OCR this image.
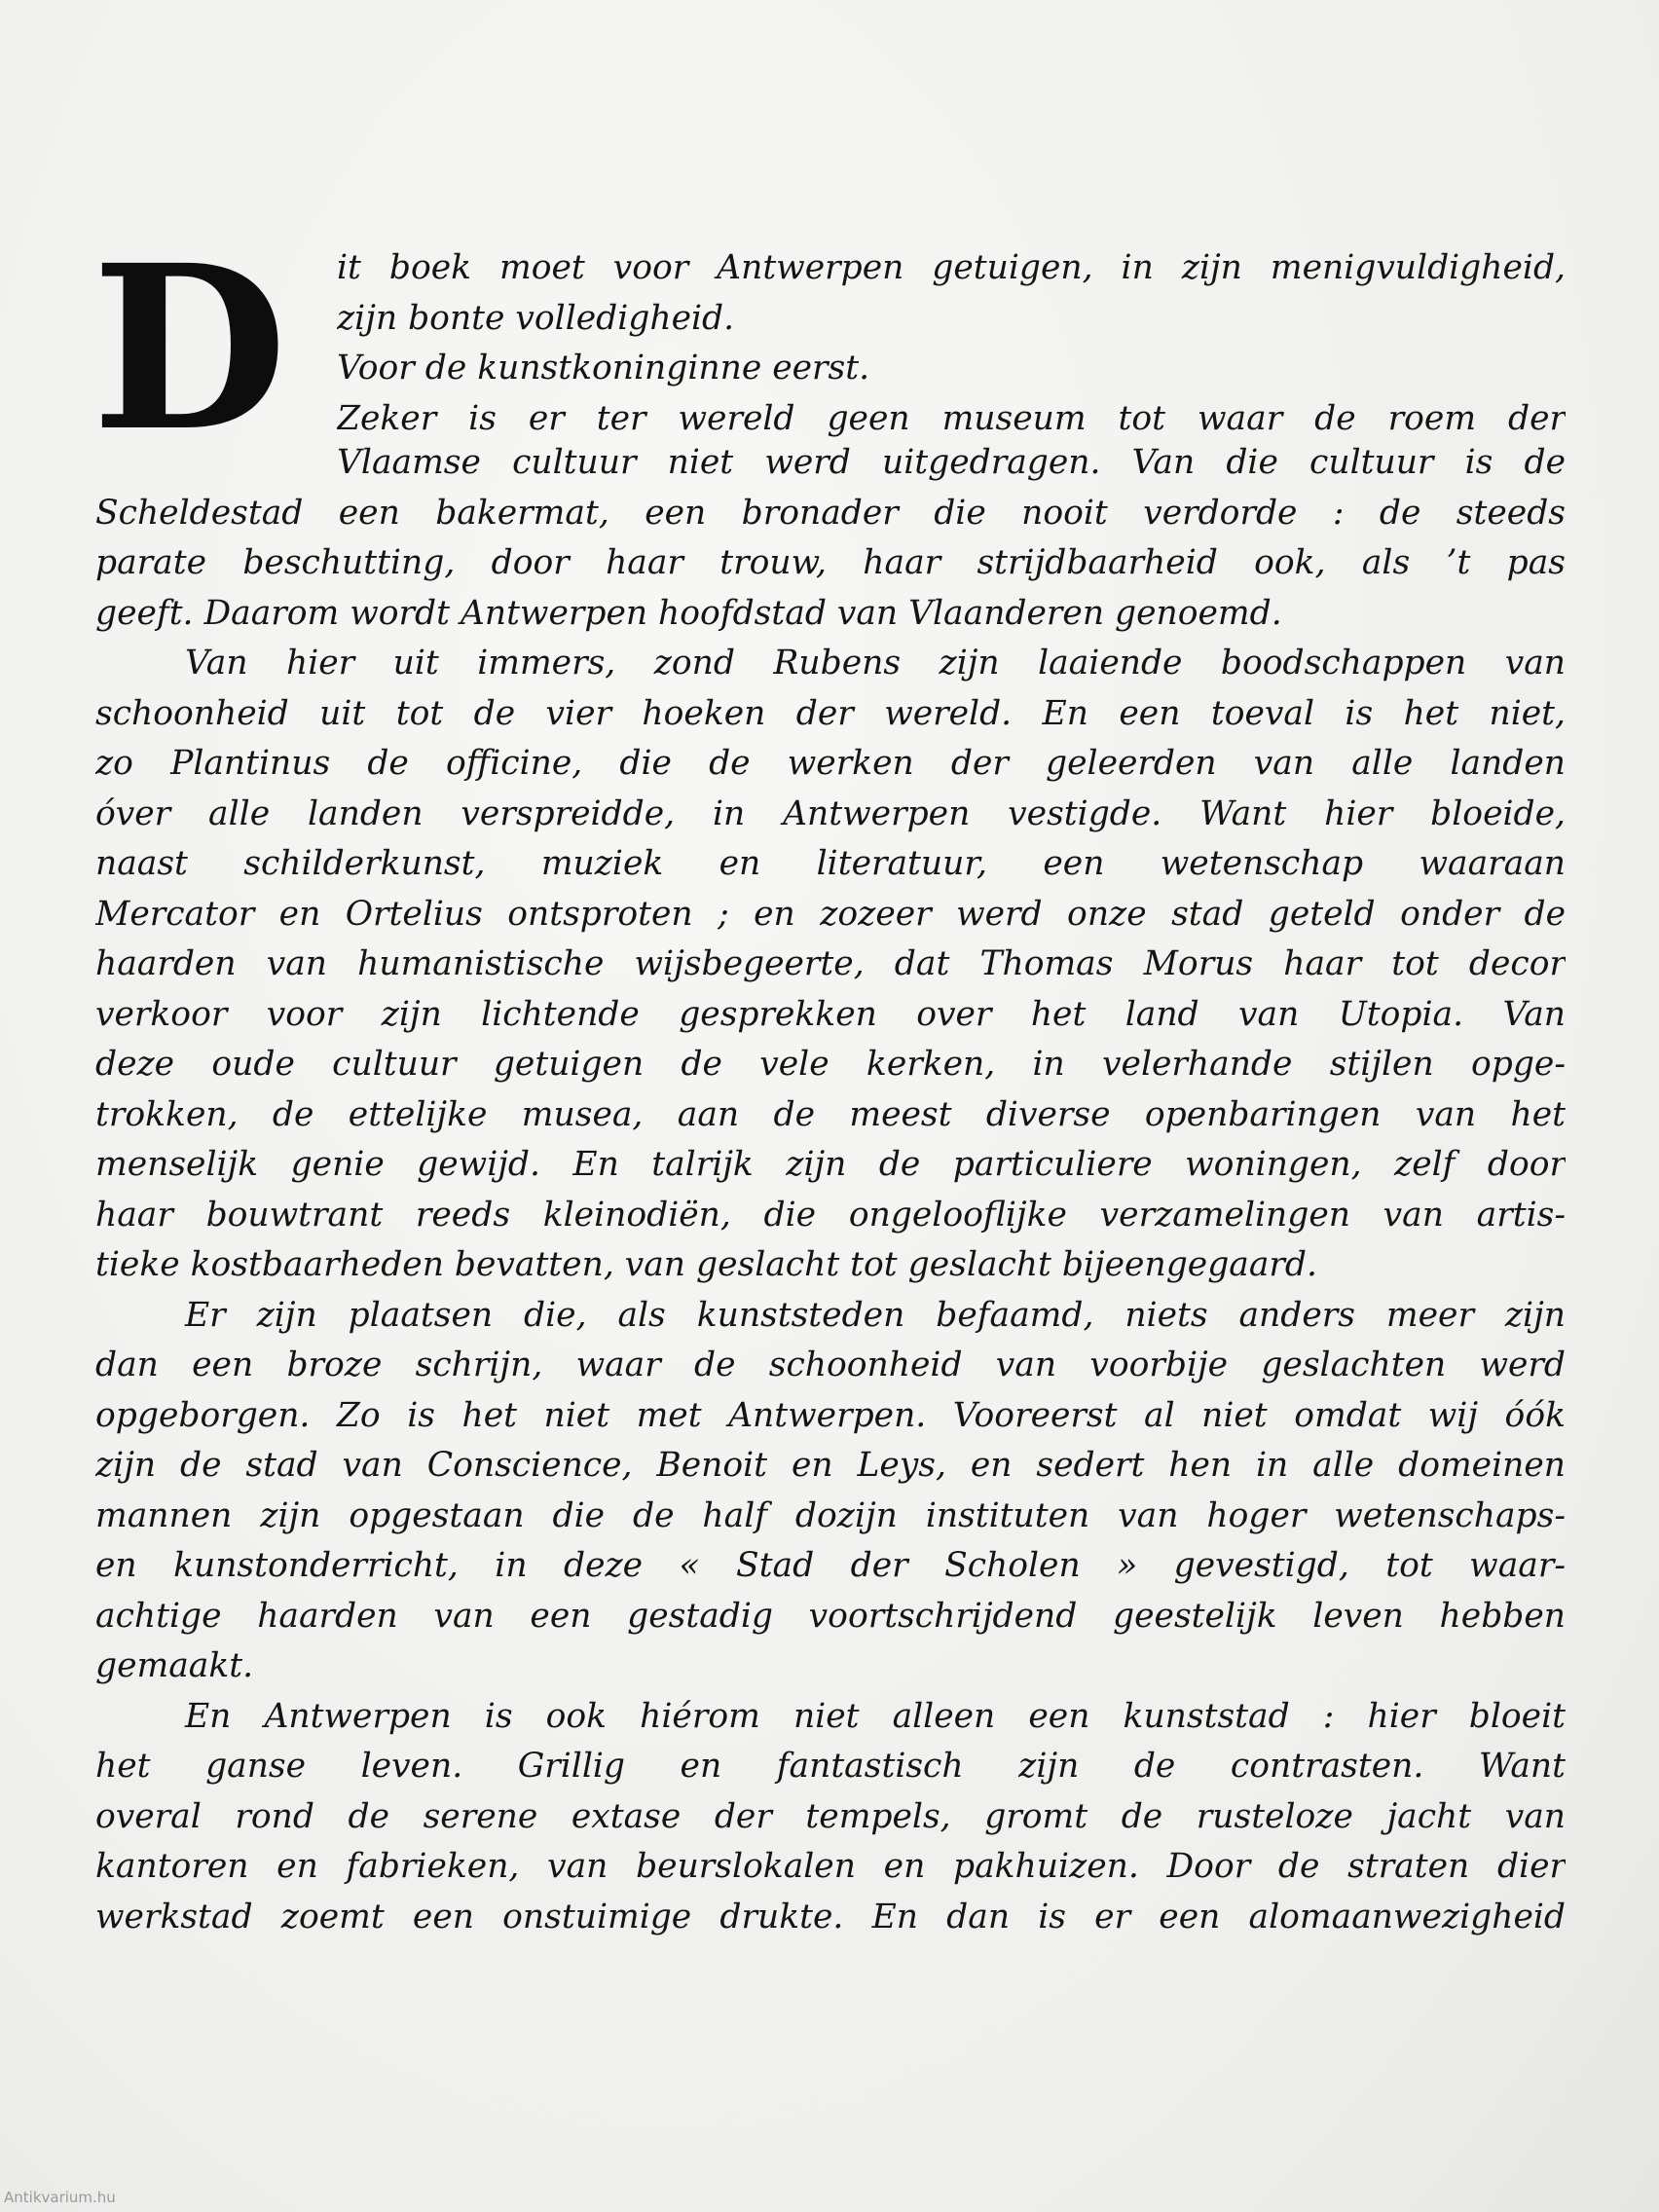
D it boek moet voor Antwerpen getuigen, in zijn menigvuldigheid,
zijn bonte volledigheid.
Voor de kunstkoninginne eerst.
Zeker is er ter wereld geen museum tot waar de roem der
Vlaamse cultuur niet werd uitgedragen. Van die cultuur is de
Scheldestad een bakermat, een bronader die nooit verdorde : de steeds
parate beschutting, door haar trouw, haar strijdbaarheid ook, als ’t pas
geeft. Daarom wordt Antwerpen hoofdstad van Vlaanderen genoemd.
Van hier uit immers, zond Rubens zijn laaiende boodschappen van
schoonheid uit tot de vier hoeken der wereld. En een toeval is het niet,
zo Plantinus de officine, die de werken der geleerden van alle landen
óver alle landen verspreidde, in Antwerpen vestigde. Want hier bloeide,
naast schilderkunst, muziek en literatuur, een wetenschap waaraan
Mercator en Ortelius ontsproten ; en zozeer werd onze stad geteld onder de
haarden van humanistische wijsbegeerte, dat Thomas Morus haar tot decor
verkoor voor zijn lichtende gesprekken over het land van Utopia. Van
deze oude cultuur getuigen de vele kerken, in velerhande stijlen opge-
trokken, de ettelijke musea, aan de meest diverse openbaringen van het
menselijk genie gewijd. En talrijk zijn de particuliere woningen, zelf door
haar bouwtrant reeds kleinodiën, die ongelooflijke verzamelingen van artis-
tieke kostbaarheden bevatten, van geslacht tot geslacht bijeengegaard.
Er zijn plaatsen die, als kunststeden befaamd, niets anders meer zijn
dan een broze schrijn, waar de schoonheid van voorbije geslachten werd
opgeborgen. Zo is het niet met Antwerpen. Vooreerst al niet omdat wij óók
zijn de stad van Conscience, Benoit en Leys, en sedert hen in alle domeinen
mannen zijn opgestaan die de half dozijn instituten van hoger wetenschaps-
en kunstonderricht, in deze « Stad der Scholen » gevestigd, tot waar-
achtige haarden van een gestadig voortschrijdend geestelijk leven hebben
gemaakt.
En Antwerpen is ook hiérom niet alleen een kunststad : hier bloeit
het ganse leven. Grillig en fantastisch zijn de contrasten. Want
overal rond de serene extase der tempels, gromt de rusteloze jacht van
kantoren en fabrieken, van beurslokalen en pakhuizen. Door de straten dier
werkstad zoemt een onstuimige drukte. En dan is er een alomaanwezigheid
Antikvarium.hu
